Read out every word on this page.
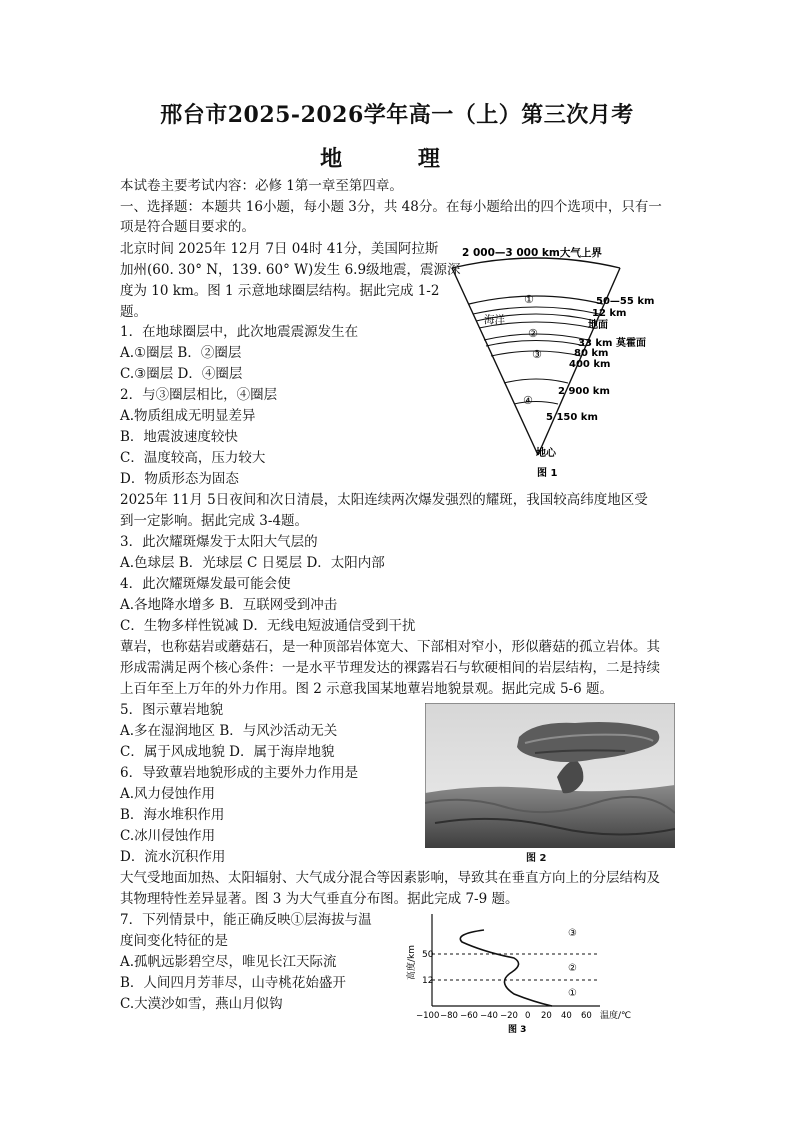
邢台市2025-2026学年高一（上）第三次月考
地 理
本试卷主要考试内容：必修 1第一章至第四章。
一、选择题：本题共 16小题，每小题 3分，共 48分。在每小题给出的四个选项中，只有一
项是符合题目要求的。
北京时间 2025年 12月 7日 04时 41分，美国阿拉斯
加州(60. 30° N，139. 60° W)发生 6.9级地震，震源深
度为 10 km。图 1 示意地球圈层结构。据此完成 1-2
题。
1．在地球圈层中，此次地震震源发生在
A.①圈层 B．②圈层
C.③圈层 D．④圈层
2．与③圈层相比，④圈层
A.物质组成无明显差异
B．地震波速度较快
C．温度较高，压力较大
D．物质形态为固态
2025年 11月 5日夜间和次日清晨，太阳连续两次爆发强烈的耀斑，我国较高纬度地区受
到一定影响。据此完成 3-4题。
3．此次耀斑爆发于太阳大气层的
A.色球层 B．光球层 C 日冕层 D．太阳内部
4．此次耀斑爆发最可能会使
A.各地降水增多 B．互联网受到冲击
C．生物多样性锐减 D．无线电短波通信受到干扰
蕈岩，也称菇岩或蘑菇石，是一种顶部岩体宽大、下部相对窄小，形似蘑菇的孤立岩体。其
形成需满足两个核心条件：一是水平节理发达的裸露岩石与软硬相间的岩层结构，二是持续
上百年至上万年的外力作用。图 2 示意我国某地蕈岩地貌景观。据此完成 5-6 题。
5．图示蕈岩地貌
A.多在湿润地区 B．与风沙活动无关
C．属于风成地貌 D．属于海岸地貌
6．导致蕈岩地貌形成的主要外力作用是
A.风力侵蚀作用
B．海水堆积作用
C.冰川侵蚀作用
D．流水沉积作用
大气受地面加热、太阳辐射、大气成分混合等因素影响，导致其在垂直方向上的分层结构及
其物理特性差异显著。图 3 为大气垂直分布图。据此完成 7-9 题。
7．下列情景中，能正确反映①层海拔与温
度间变化特征的是
A.孤帆远影碧空尽，唯见长江天际流
B．人间四月芳菲尽，山寺桃花始盛开
C.大漠沙如雪，燕山月似钩
2 000—3 000 km大气上界
①
海洋
②
③
④
50—55 km
12 km
地面
33 km 莫霍面
80 km
400 km
2 900 km
5 150 km
地心
图 1
图 2
高度/km 50
12
③
②
①
−100 −80 −60 −40 −20 0 20 40 60 温度/℃
图 3
